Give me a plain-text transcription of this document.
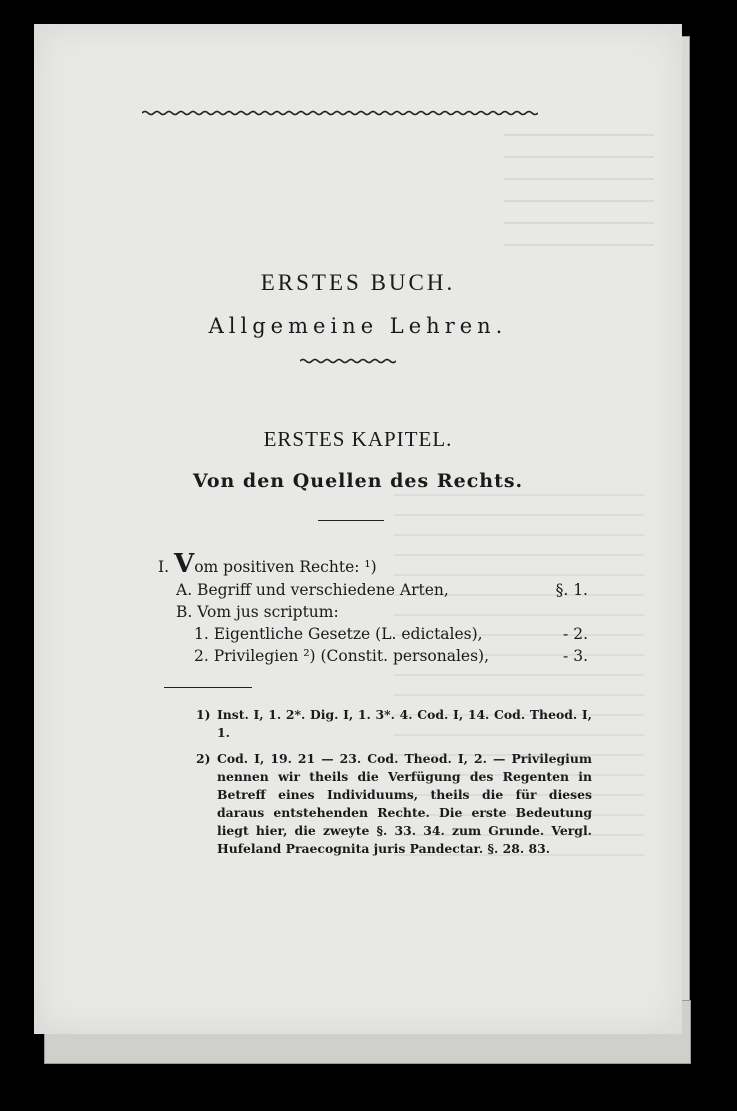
ERSTES BUCH.
Allgemeine Lehren.
ERSTES KAPITEL.
Von den Quellen des Rechts.
I. Vom positiven Rechte: ¹)
A. Begriff und verschiedene Arten,	§. 1.
B. Vom jus scriptum:
1. Eigentliche Gesetze (L. edictales),	- 2.
2. Privilegien ²) (Constit. personales),	- 3.
1) Inst. I, 1. 2*. Dig. I, 1. 3*. 4. Cod. I, 14. Cod. Theod. I, 1.
2) Cod. I, 19. 21 — 23. Cod. Theod. I, 2. — Privilegium nennen wir theils die Verfügung des Regenten in Betreff eines Individuums, theils die für dieses daraus entstehenden Rechte. Die erste Bedeutung liegt hier, die zweyte §. 33. 34. zum Grunde. Vergl. Hufeland Praecognita juris Pandectar. §. 28. 83.
